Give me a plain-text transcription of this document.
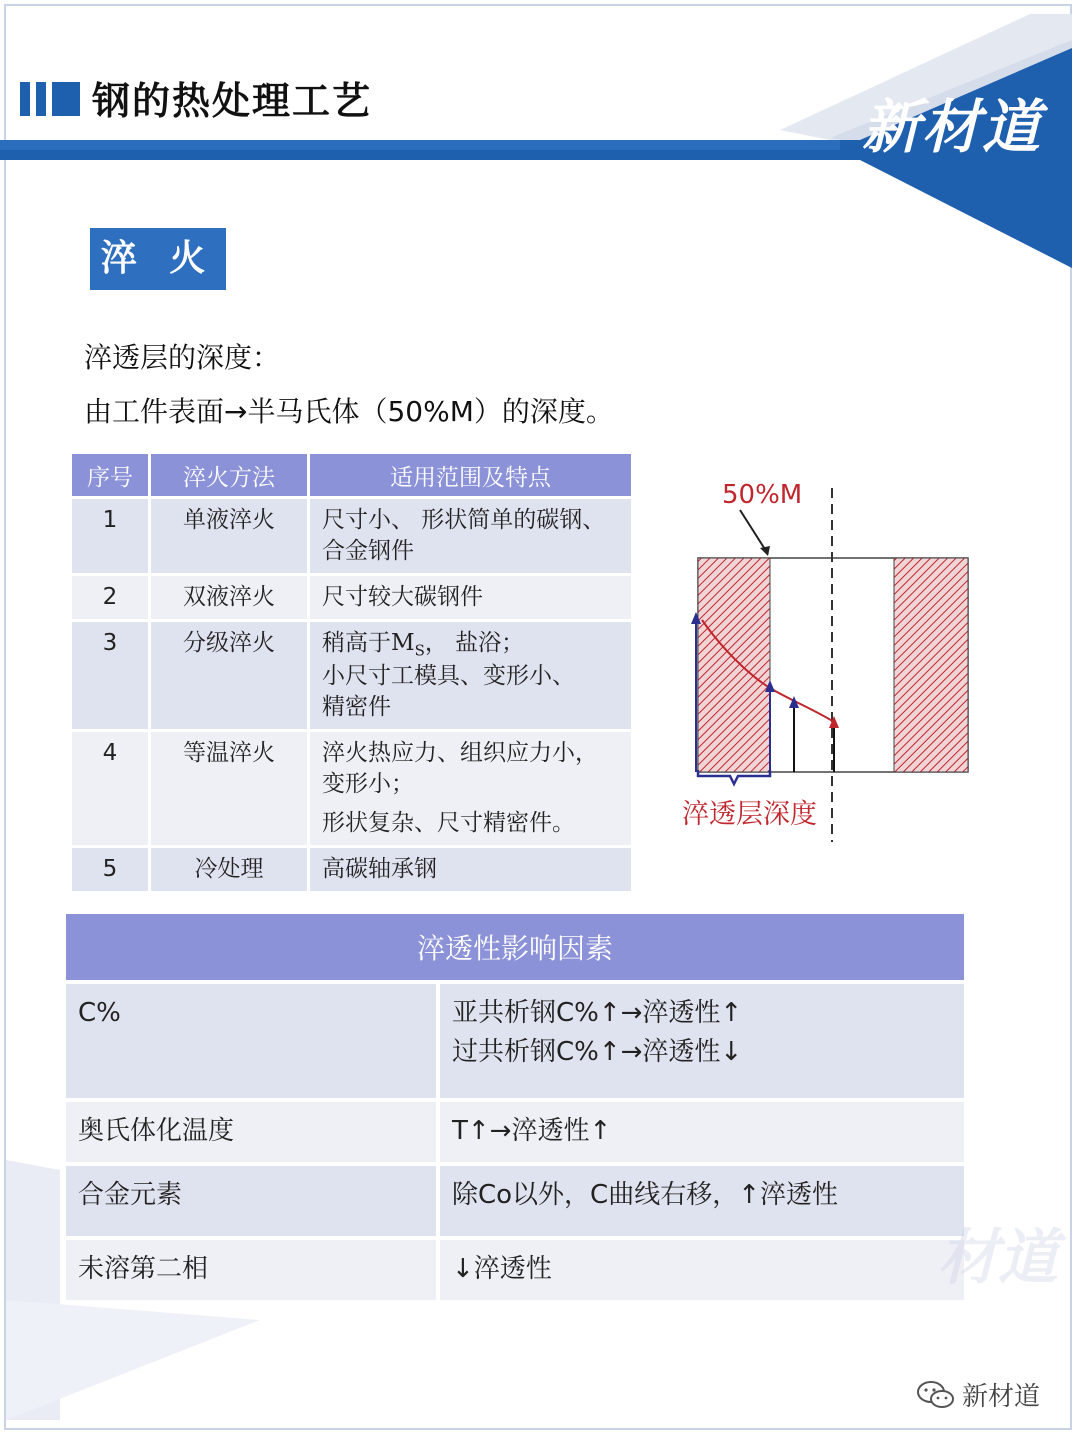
钢的热处理工艺	新材道
淬 火
淬透层的深度：
由工件表面→半马氏体（50%M）的深度。
序号	淬火方法	适用范围及特点
1	单液淬火	尺寸小、 形状简单的碳钢、
合金钢件

2	双液淬火	尺寸较大碳钢件

3	分级淬火	稍高于$M_S$， 盐浴；
小尺寸工模具、变形小、
精密件

4	等温淬火	淬火热应力、组织应力小，
变形小；
形状复杂、尺寸精密件。

5	冷处理	高碳轴承钢
50%M
淬透层深度
淬透性影响因素	
C%	亚共析钢C%↑→淬透性↑
过共析钢C%↑→淬透性↓

奥氏体化温度	T↑→淬透性↑

合金元素	除Co以外，C曲线右移，↑淬透性

未溶第二相	↓淬透性	材道
新材道
